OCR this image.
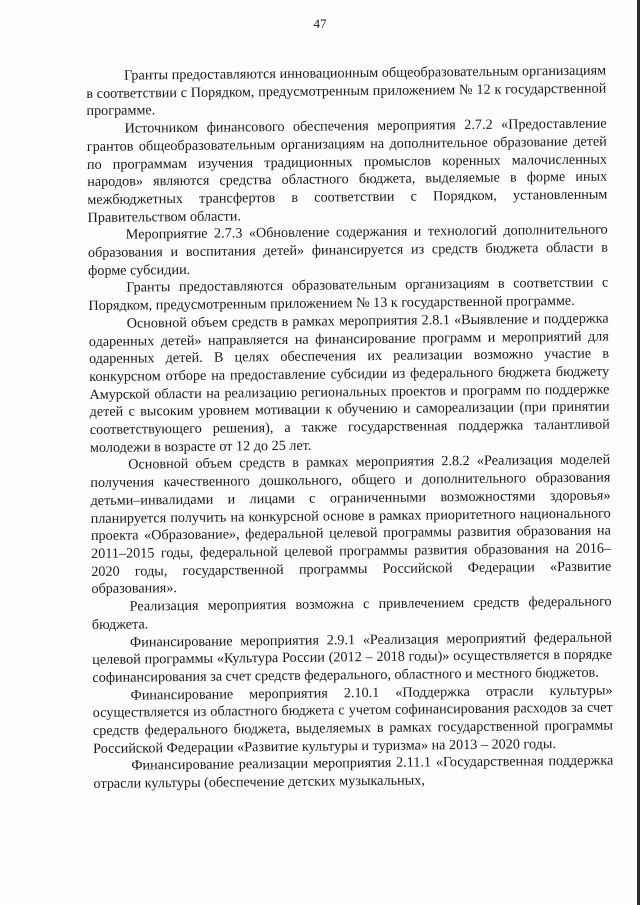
47

Гранты предоставляются инновационным общеобразовательным организациям в соответствии с Порядком, предусмотренным приложением № 12 к государственной программе.

Источником финансового обеспечения мероприятия 2.7.2 «Предоставление грантов общеобразовательным организациям на дополнительное образование детей по программам изучения традиционных промыслов коренных малочисленных народов» являются средства областного бюджета, выделяемые в форме иных межбюджетных трансфертов в соответствии с Порядком, установленным Правительством области.

Мероприятие 2.7.3 «Обновление содержания и технологий дополнительного образования и воспитания детей» финансируется из средств бюджета области в форме субсидии.

Гранты предоставляются образовательным организациям в соответствии с Порядком, предусмотренным приложением № 13 к государственной программе.

Основной объем средств в рамках мероприятия 2.8.1 «Выявление и поддержка одаренных детей» направляется на финансирование программ и мероприятий для одаренных детей. В целях обеспечения их реализации возможно участие в конкурсном отборе на предоставление субсидии из федерального бюджета бюджету Амурской области на реализацию региональных проектов и программ по поддержке детей с высоким уровнем мотивации к обучению и самореализации (при принятии соответствующего решения), а также государственная поддержка талантливой молодежи в возрасте от 12 до 25 лет.

Основной объем средств в рамках мероприятия 2.8.2 «Реализация моделей получения качественного дошкольного, общего и дополнительного образования детьми–инвалидами и лицами с ограниченными возможностями здоровья» планируется получить на конкурсной основе в рамках приоритетного национального проекта «Образование», федеральной целевой программы развития образования на 2011–2015 годы, федеральной целевой программы развития образования на 2016–2020 годы, государственной программы Российской Федерации «Развитие образования».

Реализация мероприятия возможна с привлечением средств федерального бюджета.

Финансирование мероприятия 2.9.1 «Реализация мероприятий федеральной целевой программы «Культура России (2012 – 2018 годы)» осуществляется в порядке софинансирования за счет средств федерального, областного и местного бюджетов.

Финансирование мероприятия 2.10.1 «Поддержка отрасли культуры» осуществляется из областного бюджета с учетом софинансирования расходов за счет средств федерального бюджета, выделяемых в рамках государственной программы Российской Федерации «Развитие культуры и туризма» на 2013 – 2020 годы.

Финансирование реализации мероприятия 2.11.1 «Государственная поддержка отрасли культуры (обеспечение детских музыкальных,
